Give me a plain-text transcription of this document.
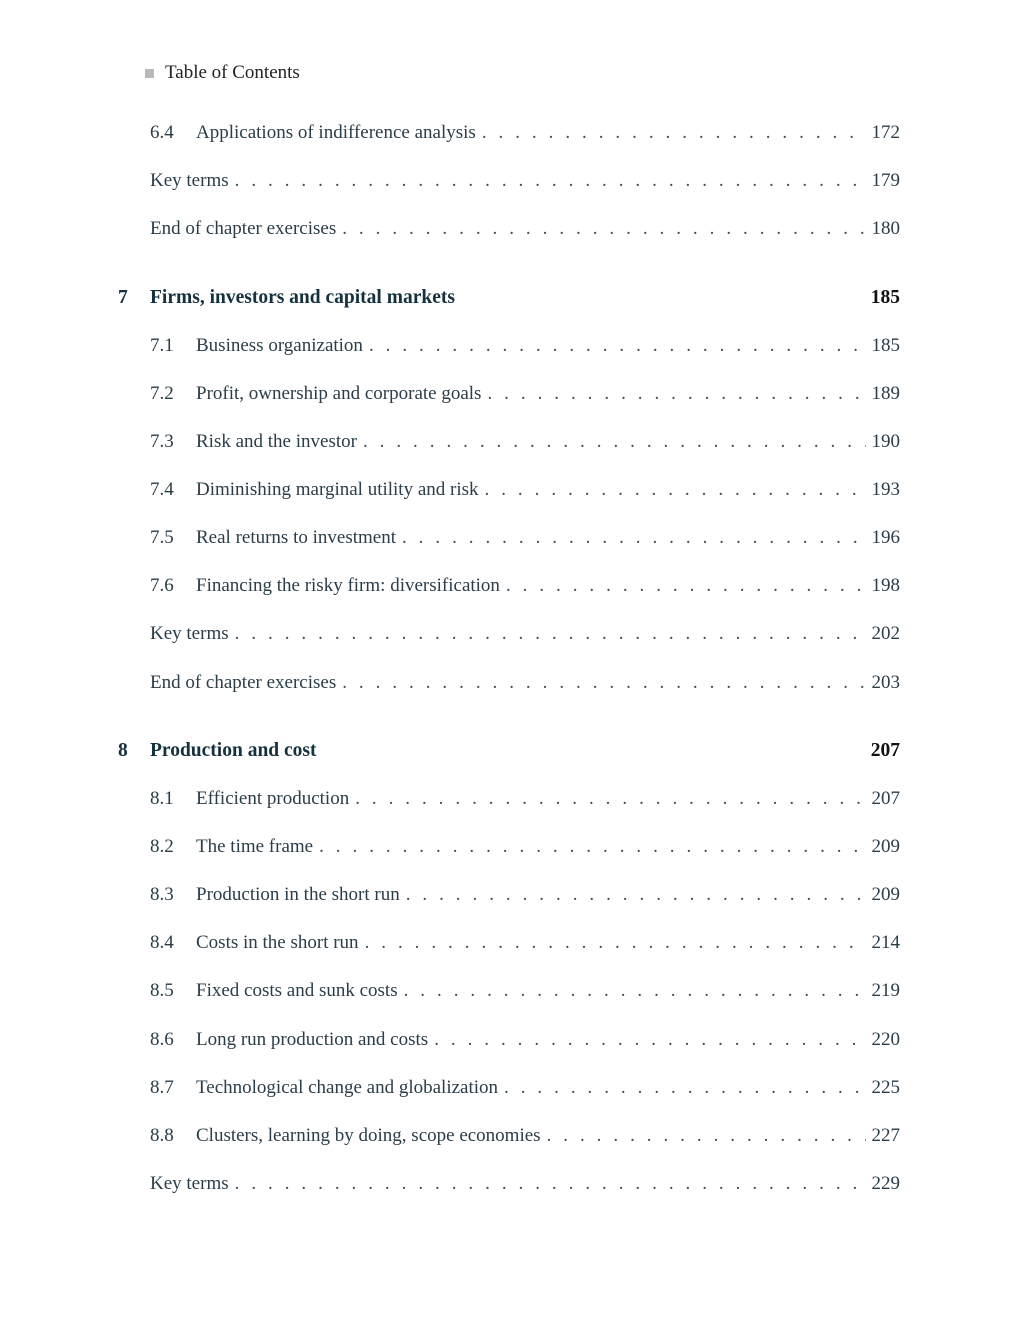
Table of Contents
6.4	Applications of indifference analysis . . .	172
Key terms . . .	179
End of chapter exercises . . .	180
7	Firms, investors and capital markets	185
7.1	Business organization . . .	185
7.2	Profit, ownership and corporate goals . . .	189
7.3	Risk and the investor . . .	190
7.4	Diminishing marginal utility and risk . . .	193
7.5	Real returns to investment . . .	196
7.6	Financing the risky firm: diversification . . .	198
Key terms . . .	202
End of chapter exercises . . .	203
8	Production and cost	207
8.1	Efficient production . . .	207
8.2	The time frame . . .	209
8.3	Production in the short run . . .	209
8.4	Costs in the short run . . .	214
8.5	Fixed costs and sunk costs . . .	219
8.6	Long run production and costs . . .	220
8.7	Technological change and globalization . . .	225
8.8	Clusters, learning by doing, scope economies . . .	227
Key terms . . .	229
